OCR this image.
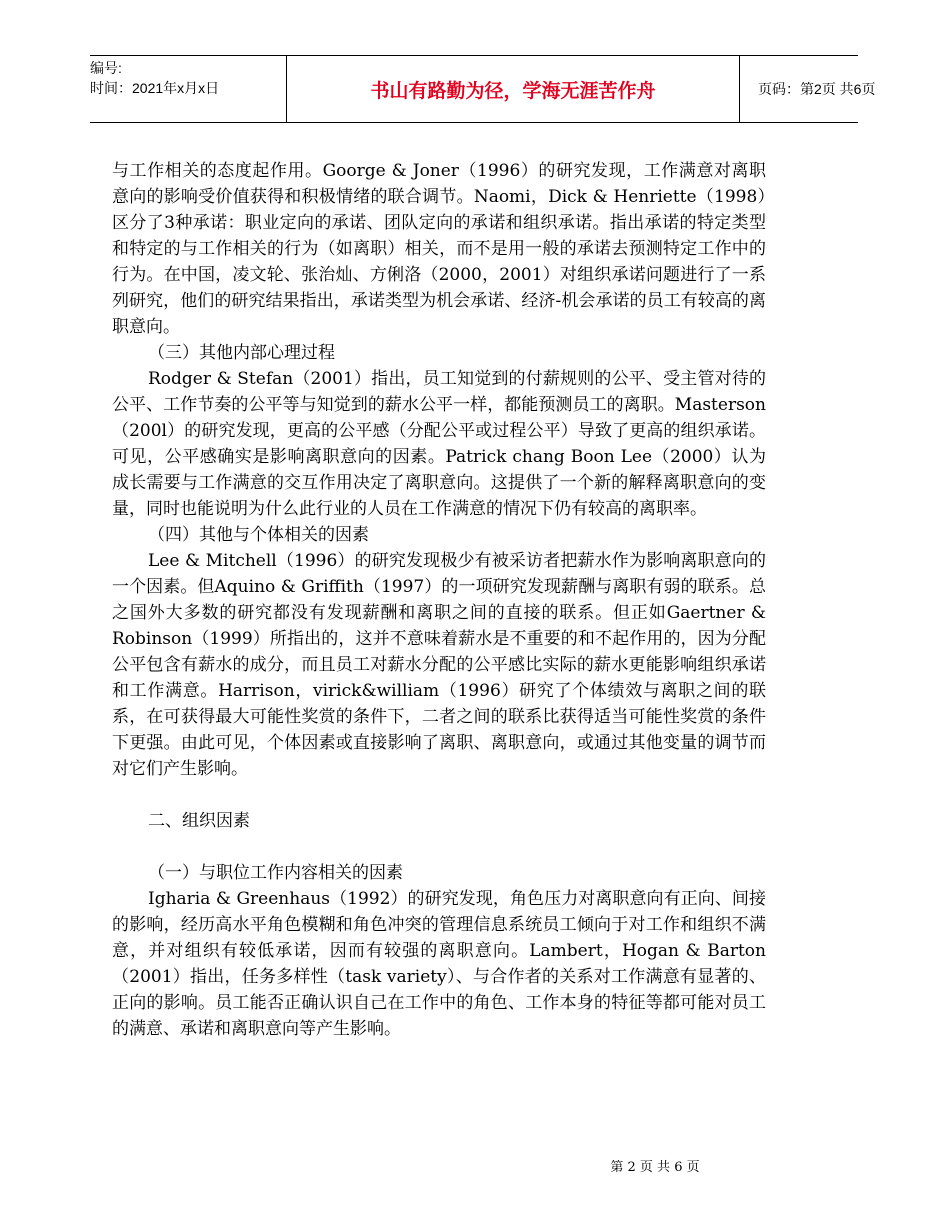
编号:
时间：2021年x月x日	书山有路勤为径，学海无涯苦作舟	页码：第2页 共6页

与工作相关的态度起作用。Goorge & Joner（1996）的研究发现，工作满意对离职意向的影响受价值获得和积极情绪的联合调节。Naomi，Dick & Henriette（1998）区分了3种承诺：职业定向的承诺、团队定向的承诺和组织承诺。指出承诺的特定类型和特定的与工作相关的行为（如离职）相关，而不是用一般的承诺去预测特定工作中的行为。在中国，凌文轮、张治灿、方俐洛（2000，2001）对组织承诺问题进行了一系列研究，他们的研究结果指出，承诺类型为机会承诺、经济-机会承诺的员工有较高的离职意向。

（三）其他内部心理过程

Rodger & Stefan（2001）指出，员工知觉到的付薪规则的公平、受主管对待的公平、工作节奏的公平等与知觉到的薪水公平一样，都能预测员工的离职。Masterson（200l）的研究发现，更高的公平感（分配公平或过程公平）导致了更高的组织承诺。可见，公平感确实是影响离职意向的因素。Patrick chang Boon Lee（2000）认为成长需要与工作满意的交互作用决定了离职意向。这提供了一个新的解释离职意向的变量，同时也能说明为什么此行业的人员在工作满意的情况下仍有较高的离职率。

（四）其他与个体相关的因素

Lee & Mitchell（1996）的研究发现极少有被采访者把薪水作为影响离职意向的一个因素。但Aquino & Griffith（1997）的一项研究发现薪酬与离职有弱的联系。总之国外大多数的研究都没有发现薪酬和离职之间的直接的联系。但正如Gaertner & Robinson（1999）所指出的，这并不意味着薪水是不重要的和不起作用的，因为分配公平包含有薪水的成分，而且员工对薪水分配的公平感比实际的薪水更能影响组织承诺和工作满意。Harrison，virick&william（1996）研究了个体绩效与离职之间的联系，在可获得最大可能性奖赏的条件下，二者之间的联系比获得适当可能性奖赏的条件下更强。由此可见，个体因素或直接影响了离职、离职意向，或通过其他变量的调节而对它们产生影响。

二、组织因素

（一）与职位工作内容相关的因素

Igharia & Greenhaus（1992）的研究发现，角色压力对离职意向有正向、间接的影响，经历高水平角色模糊和角色冲突的管理信息系统员工倾向于对工作和组织不满意，并对组织有较低承诺，因而有较强的离职意向。Lambert，Hogan & Barton（2001）指出，任务多样性（task variety）、与合作者的关系对工作满意有显著的、正向的影响。员工能否正确认识自己在工作中的角色、工作本身的特征等都可能对员工的满意、承诺和离职意向等产生影响。

第 2 页 共 6 页
